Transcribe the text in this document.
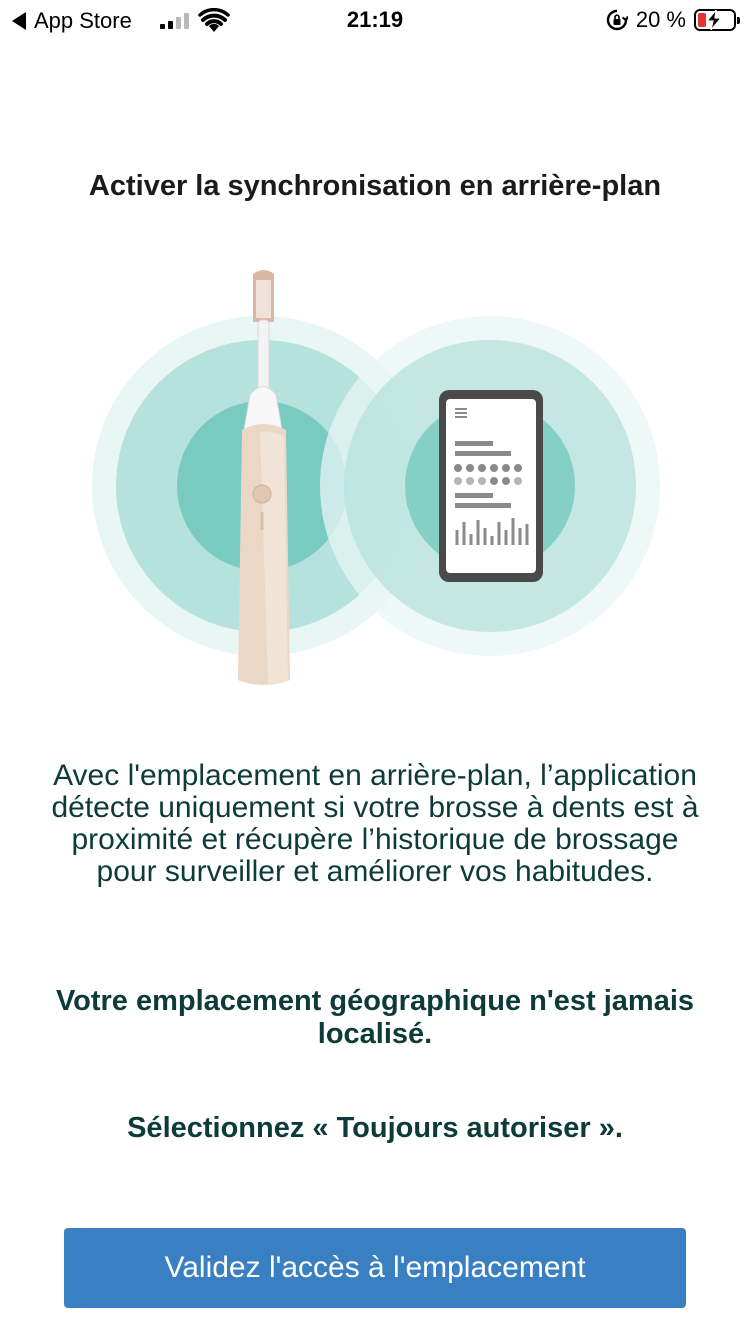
App Store	21:19	20 %
Activer la synchronisation en arrière-plan
Avec l'emplacement en arrière-plan, l’application détecte uniquement si votre brosse à dents est à proximité et récupère l’historique de brossage pour surveiller et améliorer vos habitudes.
Votre emplacement géographique n'est jamais localisé.
Sélectionnez « Toujours autoriser ».
Validez l'accès à l'emplacement
